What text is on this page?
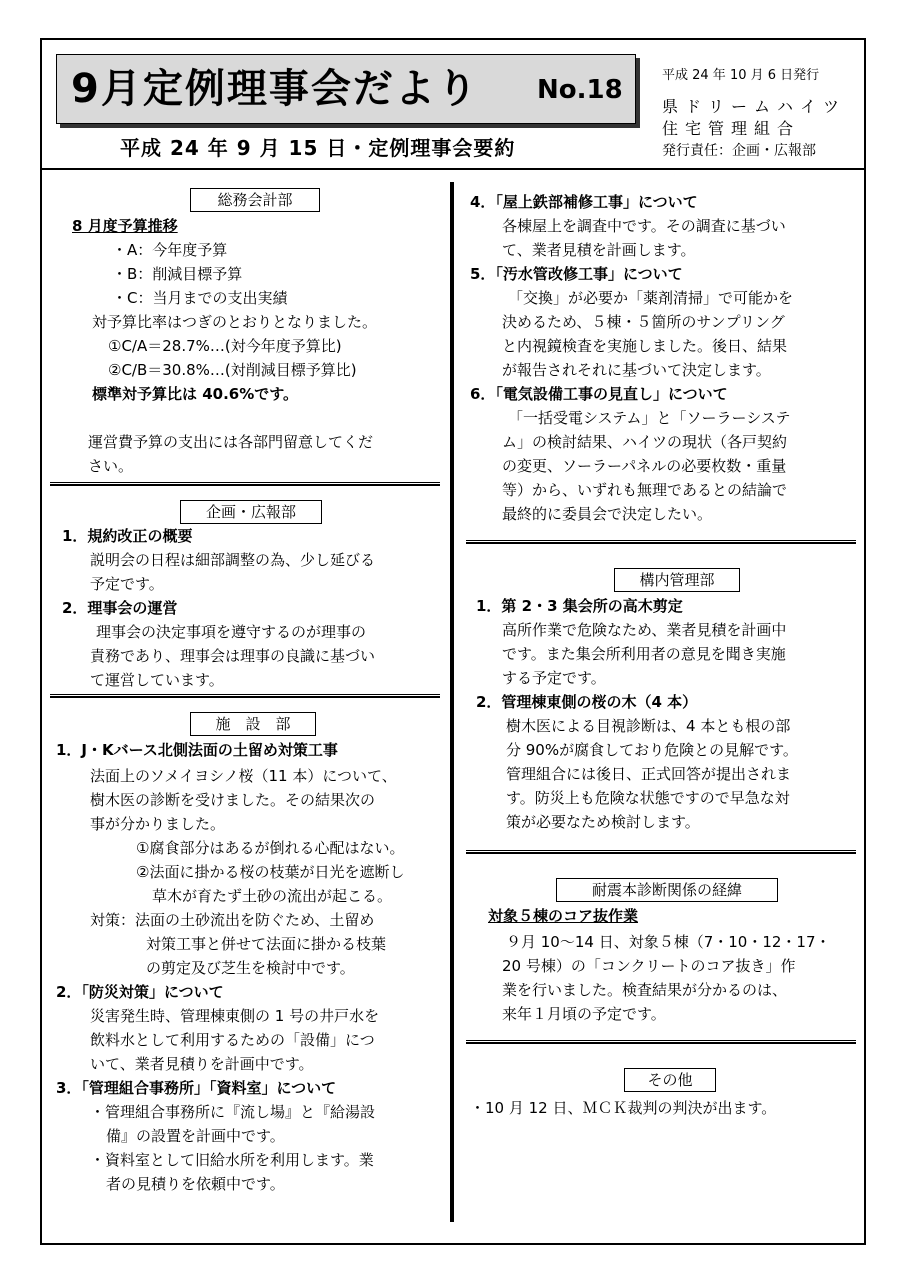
9月定例理事会だより No.18
平成 24 年 9 月 15 日・定例理事会要約
平成 24 年 10 月 6 日発行
県ドリームハイツ
住宅管理組合
発行責任：企画・広報部
総務会計部
8 月度予算推移
・A：今年度予算
・B：削減目標予算
・C：当月までの支出実績
対予算比率はつぎのとおりとなりました。
①C/A＝28.7%…(対今年度予算比)
②C/B＝30.8%…(対削減目標予算比)
標準対予算比は 40.6%です。
運営費予算の支出には各部門留意してくだ
さい。
企画・広報部
1．規約改正の概要
説明会の日程は細部調整の為、少し延びる
予定です。
2．理事会の運営
理事会の決定事項を遵守するのが理事の
責務であり、理事会は理事の良識に基づい
て運営しています。
施　設　部
1．J・Kバース北側法面の土留め対策工事
法面上のソメイヨシノ桜（11 本）について、
樹木医の診断を受けました。その結果次の
事が分かりました。
①腐食部分はあるが倒れる心配はない。
②法面に掛かる桜の枝葉が日光を遮断し
草木が育たず土砂の流出が起こる。
対策：法面の土砂流出を防ぐため、土留め
対策工事と併せて法面に掛かる枝葉
の剪定及び芝生を検討中です。
2．「防災対策」について
災害発生時、管理棟東側の 1 号の井戸水を
飲料水として利用するための「設備」につ
いて、業者見積りを計画中です。
3．「管理組合事務所」「資料室」について
・管理組合事務所に『流し場』と『給湯設
備』の設置を計画中です。
・資料室として旧給水所を利用します。業
者の見積りを依頼中です。
4．「屋上鉄部補修工事」について
各棟屋上を調査中です。その調査に基づい
て、業者見積を計画します。
5．「汚水管改修工事」について
「交換」が必要か「薬剤清掃」で可能かを
決めるため、５棟・５箇所のサンプリング
と内視鏡検査を実施しました。後日、結果
が報告されそれに基づいて決定します。
6．「電気設備工事の見直し」について
「一括受電システム」と「ソーラーシステ
ム」の検討結果、ハイツの現状（各戸契約
の変更、ソーラーパネルの必要枚数・重量
等）から、いずれも無理であるとの結論で
最終的に委員会で決定したい。
構内管理部
1．第 2・3 集会所の高木剪定
高所作業で危険なため、業者見積を計画中
です。また集会所利用者の意見を聞き実施
する予定です。
2．管理棟東側の桜の木（4 本）
樹木医による目視診断は、4 本とも根の部
分 90%が腐食しており危険との見解です。
管理組合には後日、正式回答が提出されま
す。防災上も危険な状態ですので早急な対
策が必要なため検討します。
耐震本診断関係の経緯
対象５棟のコア抜作業
９月 10～14 日、対象５棟（7・10・12・17・
20 号棟）の「コンクリートのコア抜き」作
業を行いました。検査結果が分かるのは、
来年１月頃の予定です。
その他
・10 月 12 日、ＭＣＫ裁判の判決が出ます。
